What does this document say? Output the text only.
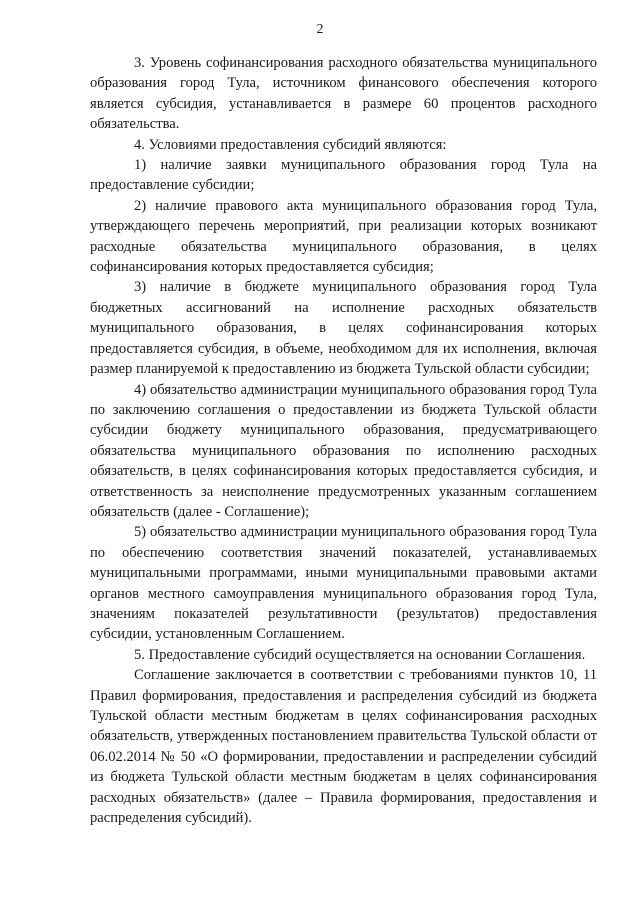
2

3. Уровень софинансирования расходного обязательства муниципального образования город Тула, источником финансового обеспечения которого является субсидия, устанавливается в размере 60 процентов расходного обязательства.

4. Условиями предоставления субсидий являются:

1) наличие заявки муниципального образования город Тула на предоставление субсидии;

2) наличие правового акта муниципального образования город Тула, утверждающего перечень мероприятий, при реализации которых возникают расходные обязательства муниципального образования, в целях софинансирования которых предоставляется субсидия;

3) наличие в бюджете муниципального образования город Тула бюджетных ассигнований на исполнение расходных обязательств муниципального образования, в целях софинансирования которых предоставляется субсидия, в объеме, необходимом для их исполнения, включая размер планируемой к предоставлению из бюджета Тульской области субсидии;

4) обязательство администрации муниципального образования город Тула по заключению соглашения о предоставлении из бюджета Тульской области субсидии бюджету муниципального образования, предусматривающего обязательства муниципального образования по исполнению расходных обязательств, в целях софинансирования которых предоставляется субсидия, и ответственность за неисполнение предусмотренных указанным соглашением обязательств (далее - Соглашение);

5) обязательство администрации муниципального образования город Тула по обеспечению соответствия значений показателей, устанавливаемых муниципальными программами, иными муниципальными правовыми актами органов местного самоуправления муниципального образования город Тула, значениям показателей результативности (результатов) предоставления субсидии, установленным Соглашением.

5. Предоставление субсидий осуществляется на основании Соглашения.

Соглашение заключается в соответствии с требованиями пунктов 10, 11 Правил формирования, предоставления и распределения субсидий из бюджета Тульской области местным бюджетам в целях софинансирования расходных обязательств, утвержденных постановлением правительства Тульской области от 06.02.2014 № 50 «О формировании, предоставлении и распределении субсидий из бюджета Тульской области местным бюджетам в целях софинансирования расходных обязательств» (далее – Правила формирования, предоставления и распределения субсидий).
